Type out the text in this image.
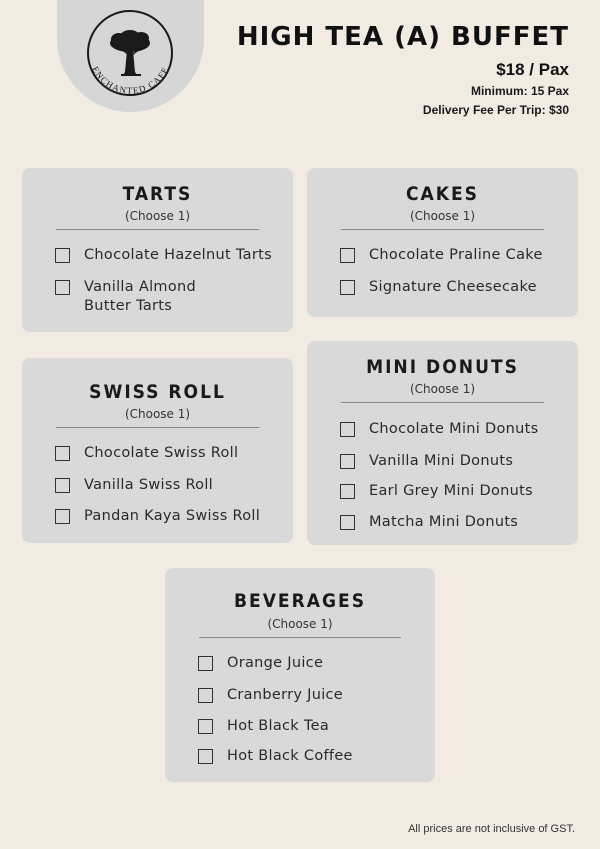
ENCHANTED CAFE
HIGH TEA (A) BUFFET
$18 / Pax
Minimum: 15 Pax
Delivery Fee Per Trip: $30
TARTS
(Choose 1)
Chocolate Hazelnut Tarts
Vanilla Almond Butter Tarts
CAKES
(Choose 1)
Chocolate Praline Cake
Signature Cheesecake
SWISS ROLL
(Choose 1)
Chocolate Swiss Roll
Vanilla Swiss Roll
Pandan Kaya Swiss Roll
MINI DONUTS
(Choose 1)
Chocolate Mini Donuts
Vanilla Mini Donuts
Earl Grey Mini Donuts
Matcha Mini Donuts
BEVERAGES
(Choose 1)
Orange Juice
Cranberry Juice
Hot Black Tea
Hot Black Coffee
All prices are not inclusive of GST.
